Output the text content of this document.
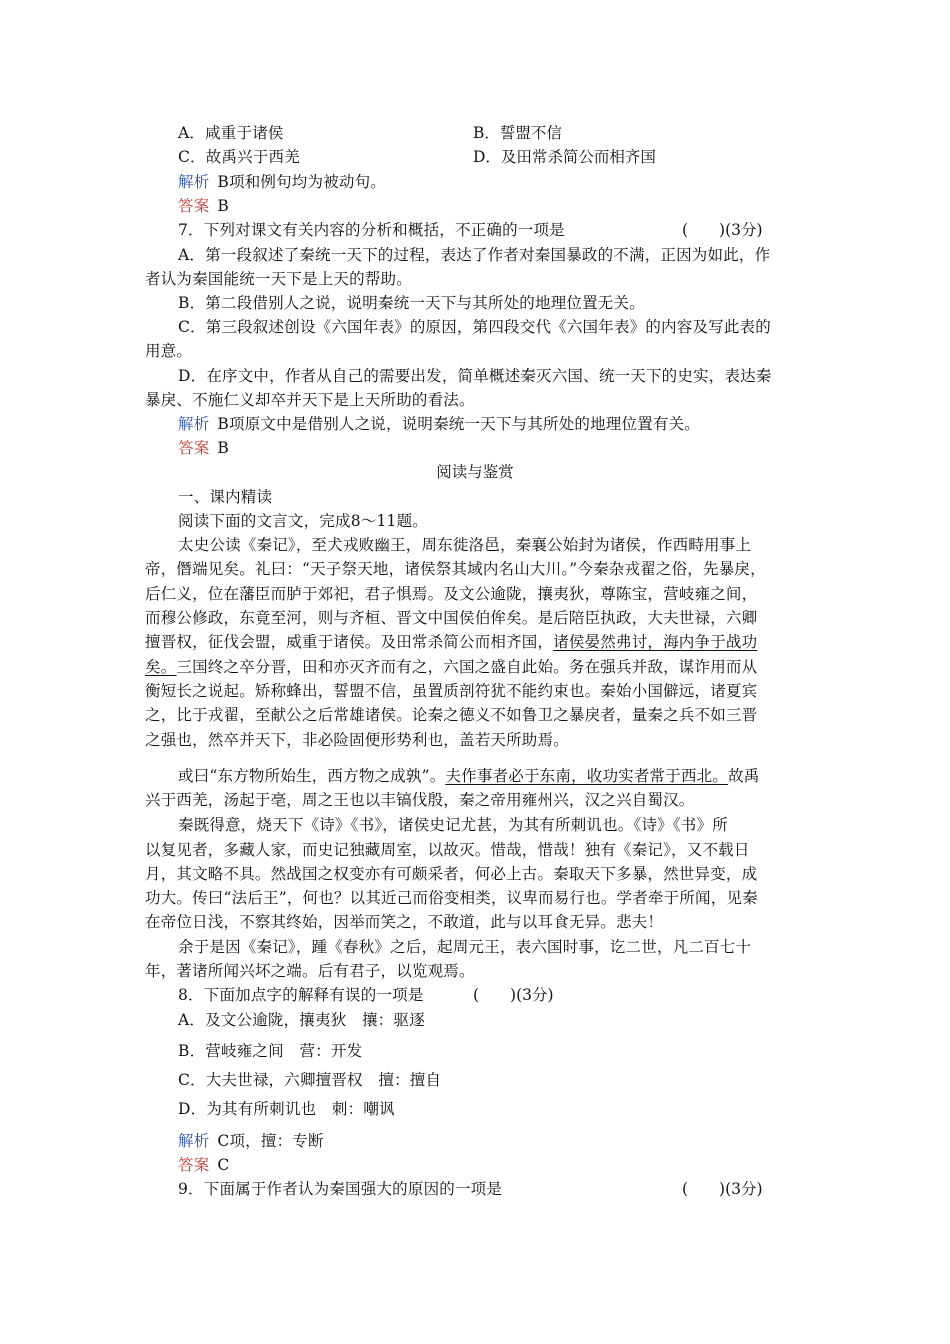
A．咸重于诸侯	B．誓盟不信
C．故禹兴于西羌	D．及田常杀简公而相齐国
解析 B项和例句均为被动句。
答案 B
7．下列对课文有关内容的分析和概括，不正确的一项是	(　　)(3分)
A．第一段叙述了秦统一天下的过程，表达了作者对秦国暴政的不满，正因为如此，作
者认为秦国能统一天下是上天的帮助。
B．第二段借别人之说，说明秦统一天下与其所处的地理位置无关。
C．第三段叙述创设《六国年表》的原因，第四段交代《六国年表》的内容及写此表的
用意。
D．在序文中，作者从自己的需要出发，简单概述秦灭六国、统一天下的史实，表达秦
暴戾、不施仁义却卒并天下是上天所助的看法。
解析 B项原文中是借别人之说，说明秦统一天下与其所处的地理位置有关。
答案 B
阅读与鉴赏
一、课内精读
阅读下面的文言文，完成8～11题。
太史公读《秦记》，至犬戎败幽王，周东徙洛邑，秦襄公始封为诸侯，作西畤用事上
帝，僭端见矣。礼曰：“天子祭天地，诸侯祭其域内名山大川。”今秦杂戎翟之俗，先暴戾，
后仁义，位在藩臣而胪于郊祀，君子惧焉。及文公逾陇，攘夷狄，尊陈宝，营岐雍之间，
而穆公修政，东竟至河，则与齐桓、晋文中国侯伯侔矣。是后陪臣执政，大夫世禄，六卿
擅晋权，征伐会盟，威重于诸侯。及田常杀简公而相齐国，诸侯晏然弗讨，海内争于战功
矣。三国终之卒分晋，田和亦灭齐而有之，六国之盛自此始。务在强兵并敌，谋诈用而从
衡短长之说起。矫称蜂出，誓盟不信，虽置质剖符犹不能约束也。秦始小国僻远，诸夏宾
之，比于戎翟，至献公之后常雄诸侯。论秦之德义不如鲁卫之暴戾者，量秦之兵不如三晋
之强也，然卒并天下，非必险固便形势利也，盖若天所助焉。
或曰“东方物所始生，西方物之成孰”。夫作事者必于东南，收功实者常于西北。故禹
兴于西羌，汤起于亳，周之王也以丰镐伐殷，秦之帝用雍州兴，汉之兴自蜀汉。
秦既得意，烧天下《诗》《书》，诸侯史记尤甚，为其有所刺讥也。《诗》《书》所
以复见者，多藏人家，而史记独藏周室，以故灭。惜哉，惜哉！独有《秦记》，又不载日
月，其文略不具。然战国之权变亦有可颇采者，何必上古。秦取天下多暴，然世异变，成
功大。传曰“法后王”，何也？以其近己而俗变相类，议卑而易行也。学者牵于所闻，见秦
在帝位日浅，不察其终始，因举而笑之，不敢道，此与以耳食无异。悲夫！
余于是因《秦记》，踵《春秋》之后，起周元王，表六国时事，讫二世，凡二百七十
年，著诸所闻兴坏之端。后有君子，以览观焉。
8．下面加点字的解释有误的一项是	(　　)(3分)
A．及文公逾陇，攘夷狄　攘：驱逐
B．营岐雍之间　营：开发
C．大夫世禄，六卿擅晋权　擅：擅自
D．为其有所刺讥也　刺：嘲讽
解析 C项，擅：专断
答案 C
9．下面属于作者认为秦国强大的原因的一项是	(　　)(3分)
